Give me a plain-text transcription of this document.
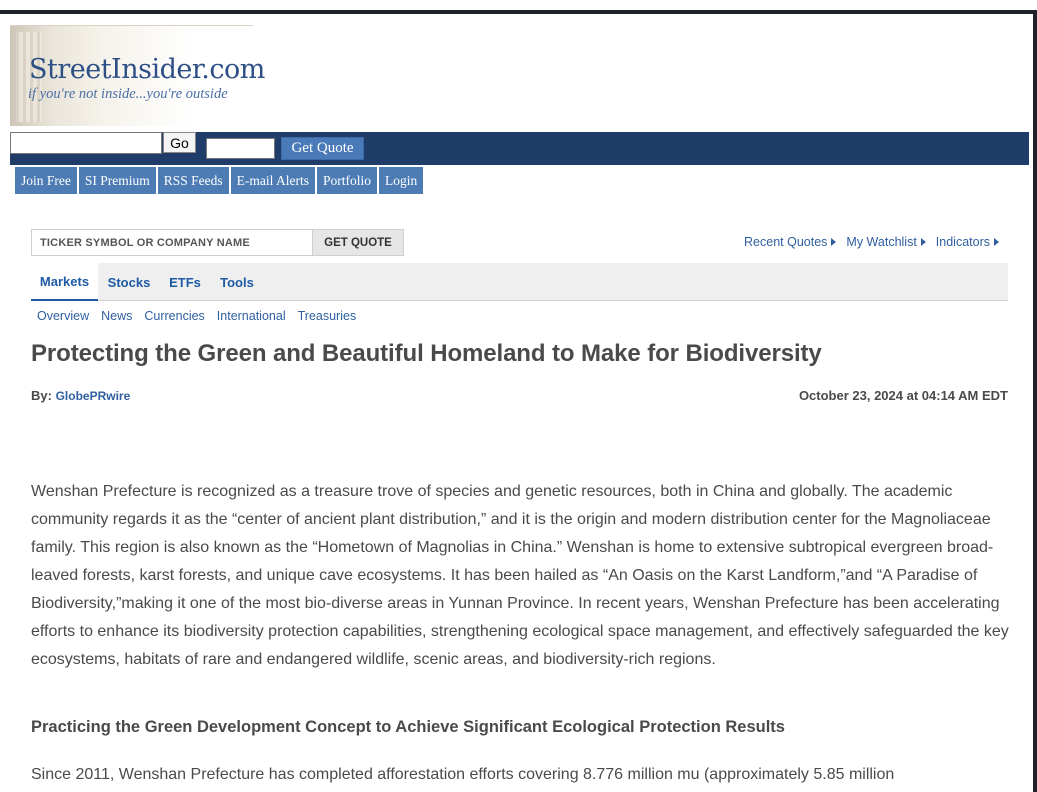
StreetInsider.com
if you're not inside...you're outside
Go	Get Quote
Join Free	SI Premium	RSS Feeds	E-mail Alerts	Portfolio	Login
TICKER SYMBOL OR COMPANY NAME	GET QUOTE	Recent Quotes My Watchlist Indicators
Markets	Stocks	ETFs	Tools
Overview News Currencies International Treasuries
Protecting the Green and Beautiful Homeland to Make for Biodiversity
By: GlobePRwire	October 23, 2024 at 04:14 AM EDT
Wenshan Prefecture is recognized as a treasure trove of species and genetic resources, both in China and globally. The academic community regards it as the “center of ancient plant distribution,” and it is the origin and modern distribution center for the Magnoliaceae family. This region is also known as the “Hometown of Magnolias in China.” Wenshan is home to extensive subtropical evergreen broad-leaved forests, karst forests, and unique cave ecosystems. It has been hailed as “An Oasis on the Karst Landform,”and “A Paradise of Biodiversity,”making it one of the most bio-diverse areas in Yunnan Province. In recent years, Wenshan Prefecture has been accelerating efforts to enhance its biodiversity protection capabilities, strengthening ecological space management, and effectively safeguarded the key ecosystems, habitats of rare and endangered wildlife, scenic areas, and biodiversity-rich regions.
Practicing the Green Development Concept to Achieve Significant Ecological Protection Results
Since 2011, Wenshan Prefecture has completed afforestation efforts covering 8.776 million mu (approximately 5.85 million
